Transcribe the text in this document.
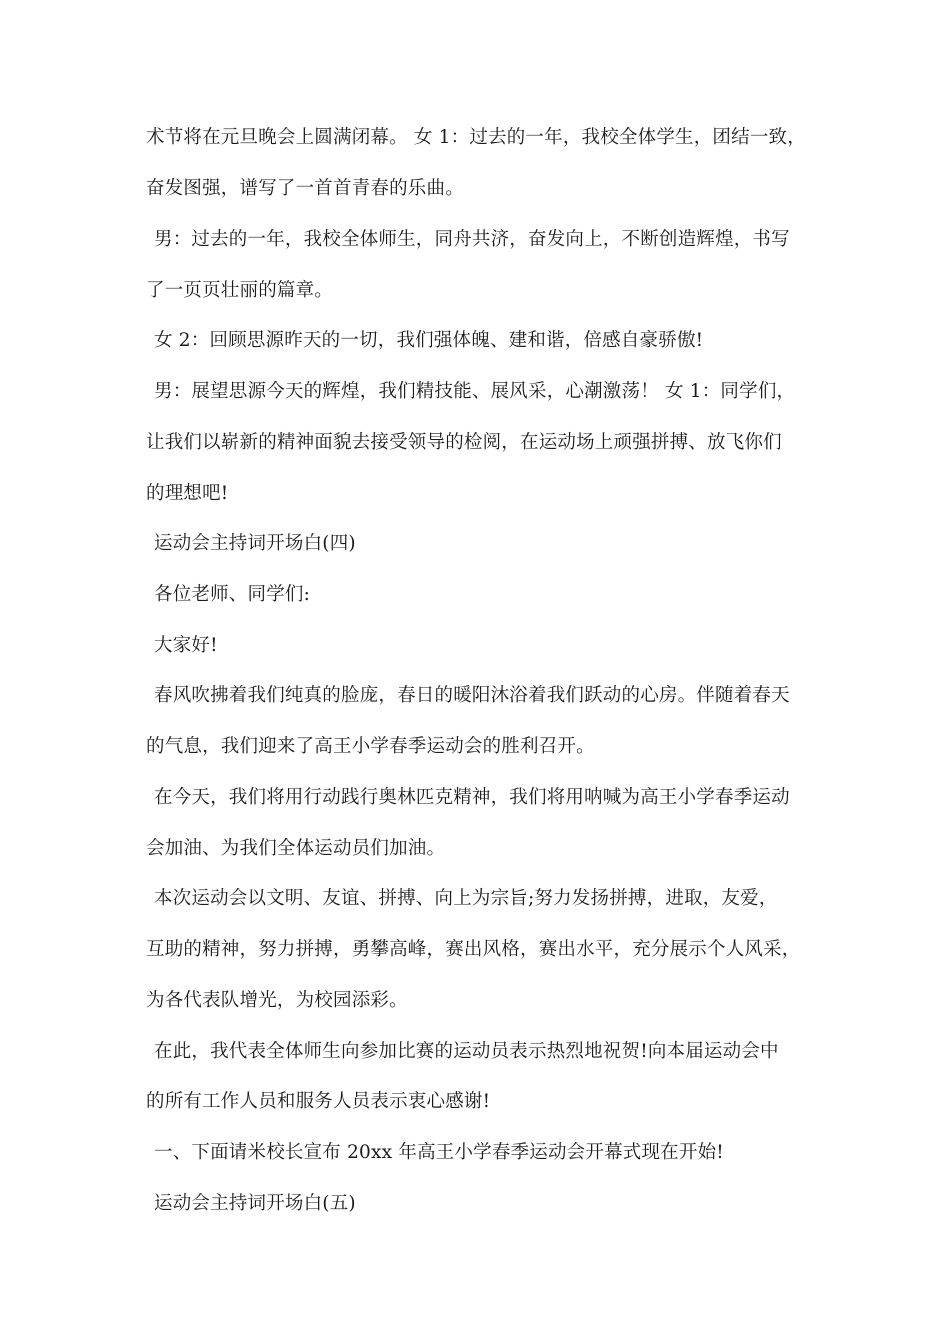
术节将在元旦晚会上圆满闭幕。 女 1：过去的一年，我校全体学生，团结一致，
奋发图强，谱写了一首首青春的乐曲。
男：过去的一年，我校全体师生，同舟共济，奋发向上，不断创造辉煌，书写
了一页页壮丽的篇章。
女 2：回顾思源昨天的一切，我们强体魄、建和谐，倍感自豪骄傲!
男：展望思源今天的辉煌，我们精技能、展风采，心潮激荡！ 女 1：同学们，
让我们以崭新的精神面貌去接受领导的检阅，在运动场上顽强拼搏、放飞你们
的理想吧!
运动会主持词开场白(四)
各位老师、同学们:
大家好!
春风吹拂着我们纯真的脸庞，春日的暖阳沐浴着我们跃动的心房。伴随着春天
的气息，我们迎来了高王小学春季运动会的胜利召开。
在今天，我们将用行动践行奥林匹克精神，我们将用呐喊为高王小学春季运动
会加油、为我们全体运动员们加油。
本次运动会以文明、友谊、拼搏、向上为宗旨;努力发扬拼搏，进取，友爱，
互助的精神，努力拼搏，勇攀高峰，赛出风格，赛出水平，充分展示个人风采，
为各代表队增光，为校园添彩。
在此，我代表全体师生向参加比赛的运动员表示热烈地祝贺!向本届运动会中
的所有工作人员和服务人员表示衷心感谢!
一、下面请米校长宣布 20xx 年高王小学春季运动会开幕式现在开始!
运动会主持词开场白(五)
